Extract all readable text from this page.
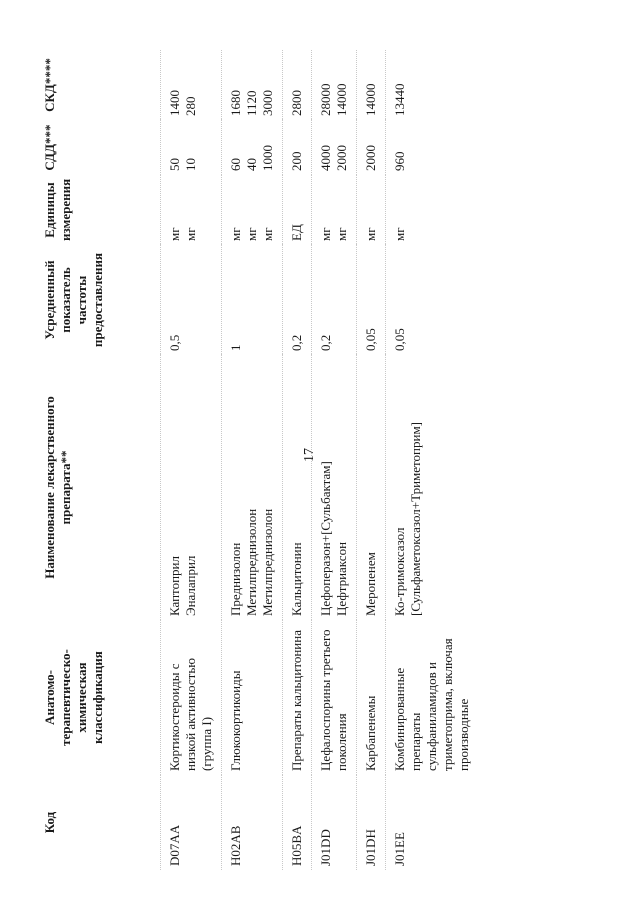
17
Код	Анатомо-терапевтическо-химическая классификация	Наименование лекарственного препарата**	Усредненный показатель частоты предоставления	Единицы измерения	СДД***	СКД****
D07AA	Кортикостероиды с низкой активностью (группа I)	Каптоприл Эналаприл	0,5	мг мг	50 10	1400 280

H02AB	Глюкокортикоиды	Преднизолон Метилпреднизолон Метилпреднизолон	1	мг мг мг	60 40 1000	1680 1120 3000

H05BA	Препараты кальцитонина	Кальцитонин	0,2	ЕД	200	2800

J01DD	Цефалоспорины третьего поколения	Цефоперазон+[Сульбактам] Цефтриаксон	0,2	мг мг	4000 2000	28000 14000

J01DH	Карбапенемы	Меропенем	0,05	мг	2000	14000

J01EE	Комбинированные препараты сульфаниламидов и триметоприма, включая производные	Ко-тримоксазол [Сульфаметоксазол+Триметоприм]	0,05	мг	960	13440
